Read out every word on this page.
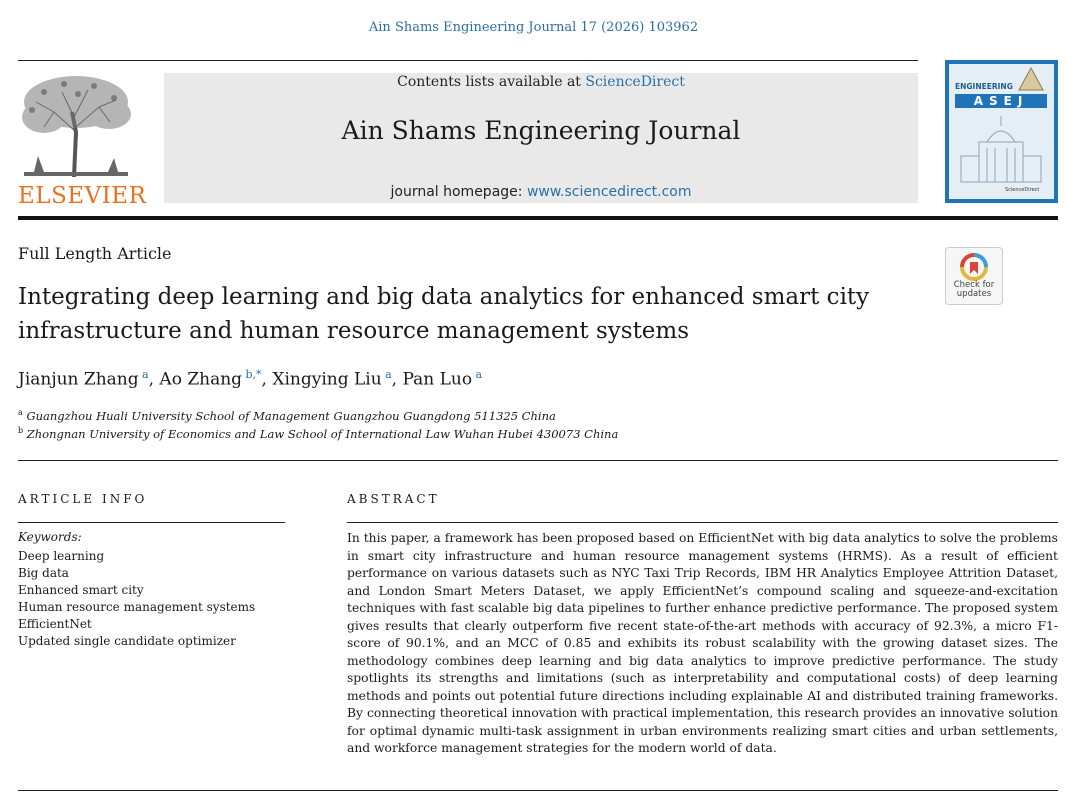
Ain Shams Engineering Journal 17 (2026) 103962
ELSEVIER
Contents lists available at ScienceDirect
Ain Shams Engineering Journal
journal homepage: www.sciencedirect.com
ENGINEERING
ASEJ
ScienceDirect
Full Length Article
Integrating deep learning and big data analytics for enhanced smart city infrastructure and human resource management systems
Check for
updates
Jianjun Zhang  $^a$, Ao Zhang  $^{b,*}$, Xingying Liu  $^a$, Pan Luo  $^a$
$^a$ Guangzhou Huali University School of Management Guangzhou Guangdong 511325 China
$^b$ Zhongnan University of Economics and Law School of International Law Wuhan Hubei 430073 China
ARTICLE INFO
Keywords:
Deep learning
Big data
Enhanced smart city
Human resource management systems
EfficientNet
Updated single candidate optimizer
ABSTRACT

In this paper, a framework has been proposed based on EfficientNet with big data analytics to solve the problems in smart city infrastructure and human resource management systems (HRMS). As a result of efficient performance on various datasets such as NYC Taxi Trip Records, IBM HR Analytics Employee Attrition Dataset, and London Smart Meters Dataset, we apply EfficientNet’s compound scaling and squeeze-and-excitation techniques with fast scalable big data pipelines to further enhance predictive performance. The proposed system gives results that clearly outperform five recent state-of-the-art methods with accuracy of 92.3%, a micro F1-score of 90.1%, and an MCC of 0.85 and exhibits its robust scalability with the growing dataset sizes. The methodology combines deep learning and big data analytics to improve predictive performance. The study spotlights its strengths and limitations (such as interpretability and computational costs) of deep learning methods and points out potential future directions including explainable AI and distributed training frameworks. By connecting theoretical innovation with practical implementation, this research provides an innovative solution for optimal dynamic multi-task assignment in urban environments realizing smart cities and urban settlements, and workforce management strategies for the modern world of data.
